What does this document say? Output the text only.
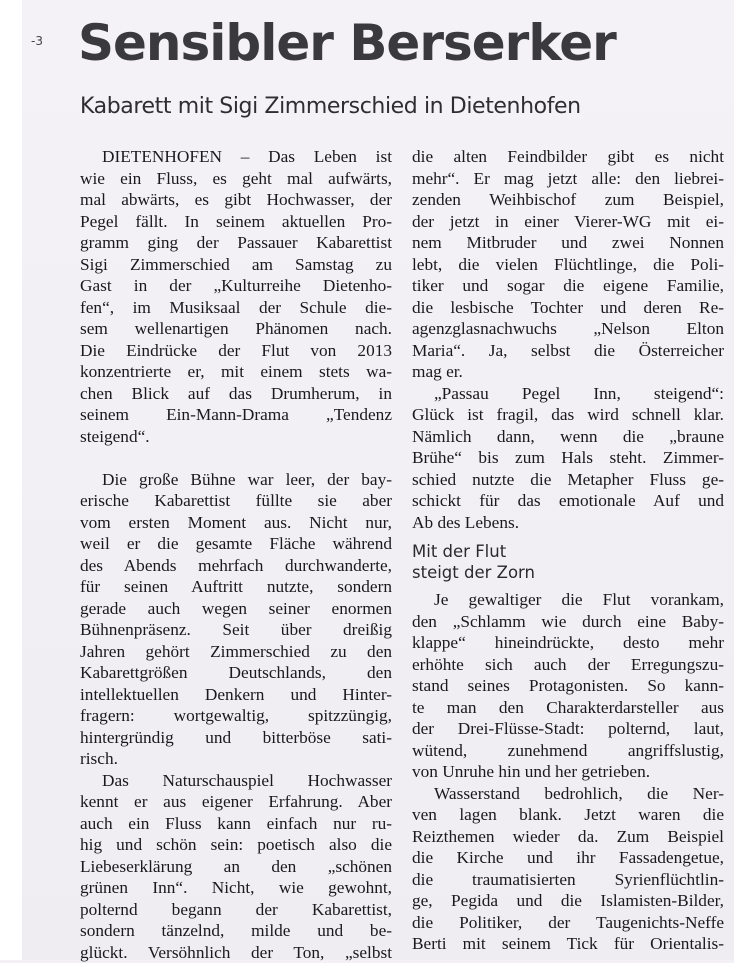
-3 Sensibler Berserker
Kabarett mit Sigi Zimmerschied in Dietenhofen

DIETENHOFEN – Das Leben ist
wie ein Fluss, es geht mal aufwärts,
mal abwärts, es gibt Hochwasser, der
Pegel fällt. In seinem aktuellen Pro-
gramm ging der Passauer Kabarettist
Sigi Zimmerschied am Samstag zu
Gast in der „Kulturreihe Dietenho-
fen“, im Musiksaal der Schule die-
sem wellenartigen Phänomen nach.
Die Eindrücke der Flut von 2013
konzentrierte er, mit einem stets wa-
chen Blick auf das Drumherum, in
seinem Ein-Mann-Drama „Tendenz
steigend“.

Die große Bühne war leer, der bay-
erische Kabarettist füllte sie aber
vom ersten Moment aus. Nicht nur,
weil er die gesamte Fläche während
des Abends mehrfach durchwanderte,
für seinen Auftritt nutzte, sondern
gerade auch wegen seiner enormen
Bühnenpräsenz. Seit über dreißig
Jahren gehört Zimmerschied zu den
Kabarettgrößen Deutschlands, den
intellektuellen Denkern und Hinter-
fragern: wortgewaltig, spitzzüngig,
hintergründig und bitterböse sati-
risch.

Das Naturschauspiel Hochwasser
kennt er aus eigener Erfahrung. Aber
auch ein Fluss kann einfach nur ru-
hig und schön sein: poetisch also die
Liebeserklärung an den „schönen
grünen Inn“. Nicht, wie gewohnt,
polternd begann der Kabarettist,
sondern tänzelnd, milde und be-
glückt. Versöhnlich der Ton, „selbst

die alten Feindbilder gibt es nicht
mehr“. Er mag jetzt alle: den liebrei-
zenden Weihbischof zum Beispiel,
der jetzt in einer Vierer-WG mit ei-
nem Mitbruder und zwei Nonnen
lebt, die vielen Flüchtlinge, die Poli-
tiker und sogar die eigene Familie,
die lesbische Tochter und deren Re-
agenzglasnachwuchs „Nelson Elton
Maria“. Ja, selbst die Österreicher
mag er.

„Passau Pegel Inn, steigend“:
Glück ist fragil, das wird schnell klar.
Nämlich dann, wenn die „braune
Brühe“ bis zum Hals steht. Zimmer-
schied nutzte die Metapher Fluss ge-
schickt für das emotionale Auf und
Ab des Lebens.

Mit der Flut
steigt der Zorn

Je gewaltiger die Flut vorankam,
den „Schlamm wie durch eine Baby-
klappe“ hineindrückte, desto mehr
erhöhte sich auch der Erregungszu-
stand seines Protagonisten. So kann-
te man den Charakterdarsteller aus
der Drei-Flüsse-Stadt: polternd, laut,
wütend, zunehmend angriffslustig,
von Unruhe hin und her getrieben.

Wasserstand bedrohlich, die Ner-
ven lagen blank. Jetzt waren die
Reizthemen wieder da. Zum Beispiel
die Kirche und ihr Fassadengetue,
die traumatisierten Syrienflüchtlin-
ge, Pegida und die Islamisten-Bilder,
die Politiker, der Taugenichts-Neffe
Berti mit seinem Tick für Orientalis-
